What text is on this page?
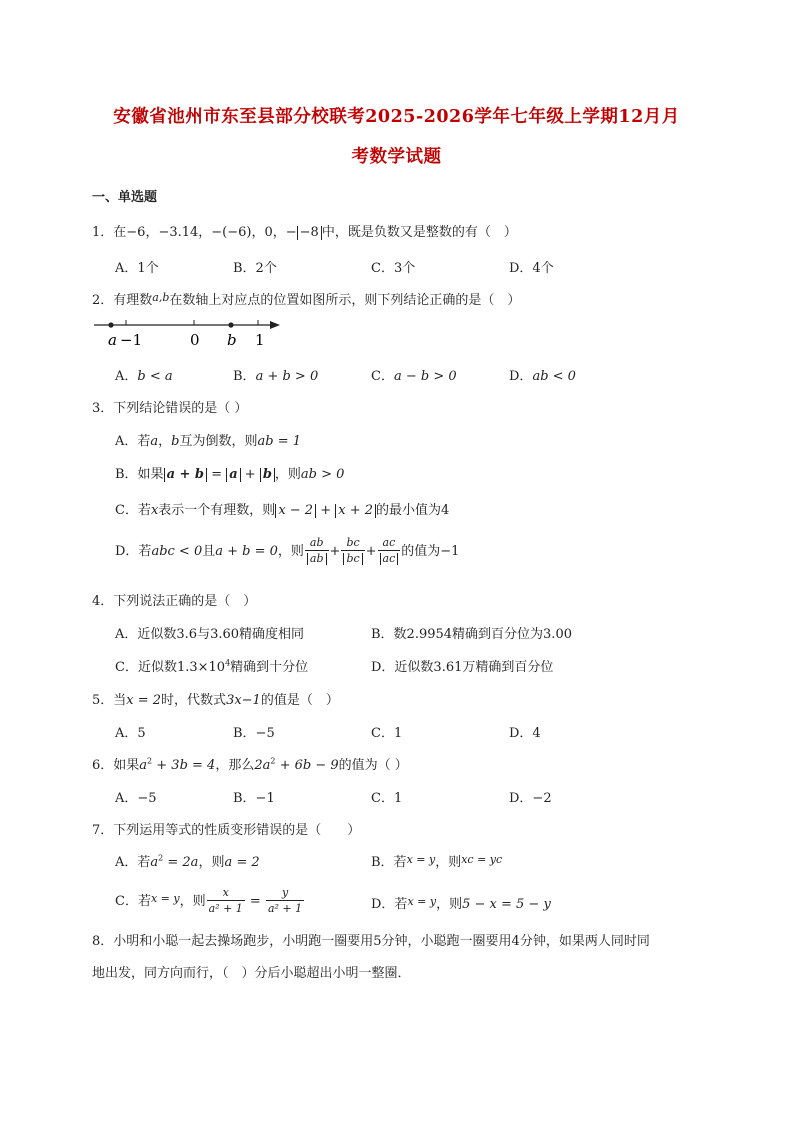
安徽省池州市东至县部分校联考2025-2026学年七年级上学期12月月
考数学试题
一、单选题
1．在−6，−3.14，−(−6)，0，− −8 中，既是负数又是整数的有（　）
A．1个	B．2个	C．3个	D．4个
2．有理数$^{a,b}$在数轴上对应点的位置如图所示，则下列结论正确的是（　）
a −1	0 b 1
A．b < a	B．a + b > 0	C．a − b > 0	D．ab < 0
3．下列结论错误的是（ ）
A．若a，b互为倒数，则ab = 1
B．如果 a + b = a + b ，则ab > 0
C．若x表示一个有理数，则 x − 2 + x + 2 的最小值为4
D．若abc < 0且a + b = 0，则 $\frac{ab}{ab} + \frac{bc}{bc} + \frac{ac}{ac}$ 的值为−1
4．下列说法正确的是（　）
A．近似数3.6与3.60精确度相同	B．数2.9954精确到百分位为3.00
C．近似数$1.3\times 10^4$精确到十分位	D．近似数3.61万精确到百分位
5．当x = 2时，代数式3x−1的值是（　）
A．5	B．−5	C．1	D．4
6．如果$a^2 + 3b = 4$，那么$2a^2 + 6b - 9$的值为（ ）
A．−5	B．−1	C．1	D．−2
7．下列运用等式的性质变形错误的是（　　）
A．若$a^2 = 2a$，则a = 2	B．若$^{x = y}$，则$^{xc = yc}$
C．若$^{x = y}$，则 $\frac{x}{\text{a² + 1}} = \frac{y}{\text{a² + 1}}$	D．若$^{x = y}$，则5 − x = 5 − y
8．小明和小聪一起去操场跑步，小明跑一圈要用5分钟，小聪跑一圈要用4分钟，如果两人同时同
地出发，同方向而行，（　）分后小聪超出小明一整圈．
